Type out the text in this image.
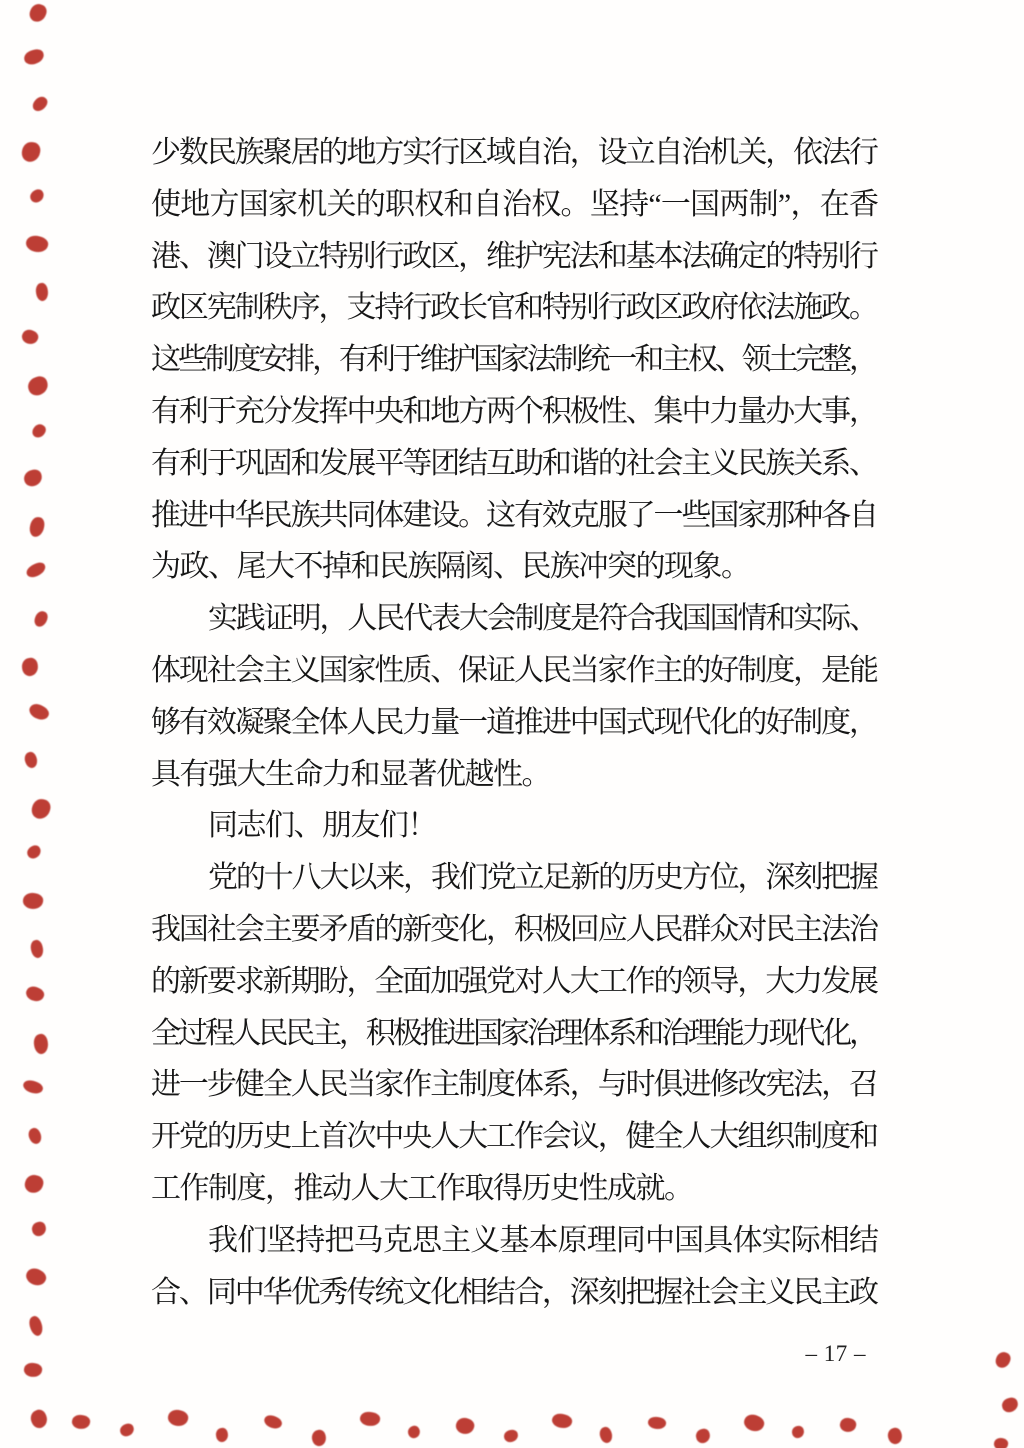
少数民族聚居的地方实行区域自治，设立自治机关，依法行
使地方国家机关的职权和自治权。坚持“一国两制”，在香
港、澳门设立特别行政区，维护宪法和基本法确定的特别行
政区宪制秩序，支持行政长官和特别行政区政府依法施政。
这些制度安排，有利于维护国家法制统一和主权、领土完整，
有利于充分发挥中央和地方两个积极性、集中力量办大事，
有利于巩固和发展平等团结互助和谐的社会主义民族关系、
推进中华民族共同体建设。这有效克服了一些国家那种各自
为政、尾大不掉和民族隔阂、民族冲突的现象。
实践证明，人民代表大会制度是符合我国国情和实际、
体现社会主义国家性质、保证人民当家作主的好制度，是能
够有效凝聚全体人民力量一道推进中国式现代化的好制度，
具有强大生命力和显著优越性。
同志们、朋友们！
党的十八大以来，我们党立足新的历史方位，深刻把握
我国社会主要矛盾的新变化，积极回应人民群众对民主法治
的新要求新期盼，全面加强党对人大工作的领导，大力发展
全过程人民民主，积极推进国家治理体系和治理能力现代化，
进一步健全人民当家作主制度体系，与时俱进修改宪法，召
开党的历史上首次中央人大工作会议，健全人大组织制度和
工作制度，推动人大工作取得历史性成就。
我们坚持把马克思主义基本原理同中国具体实际相结
合、同中华优秀传统文化相结合，深刻把握社会主义民主政
– 17 –
